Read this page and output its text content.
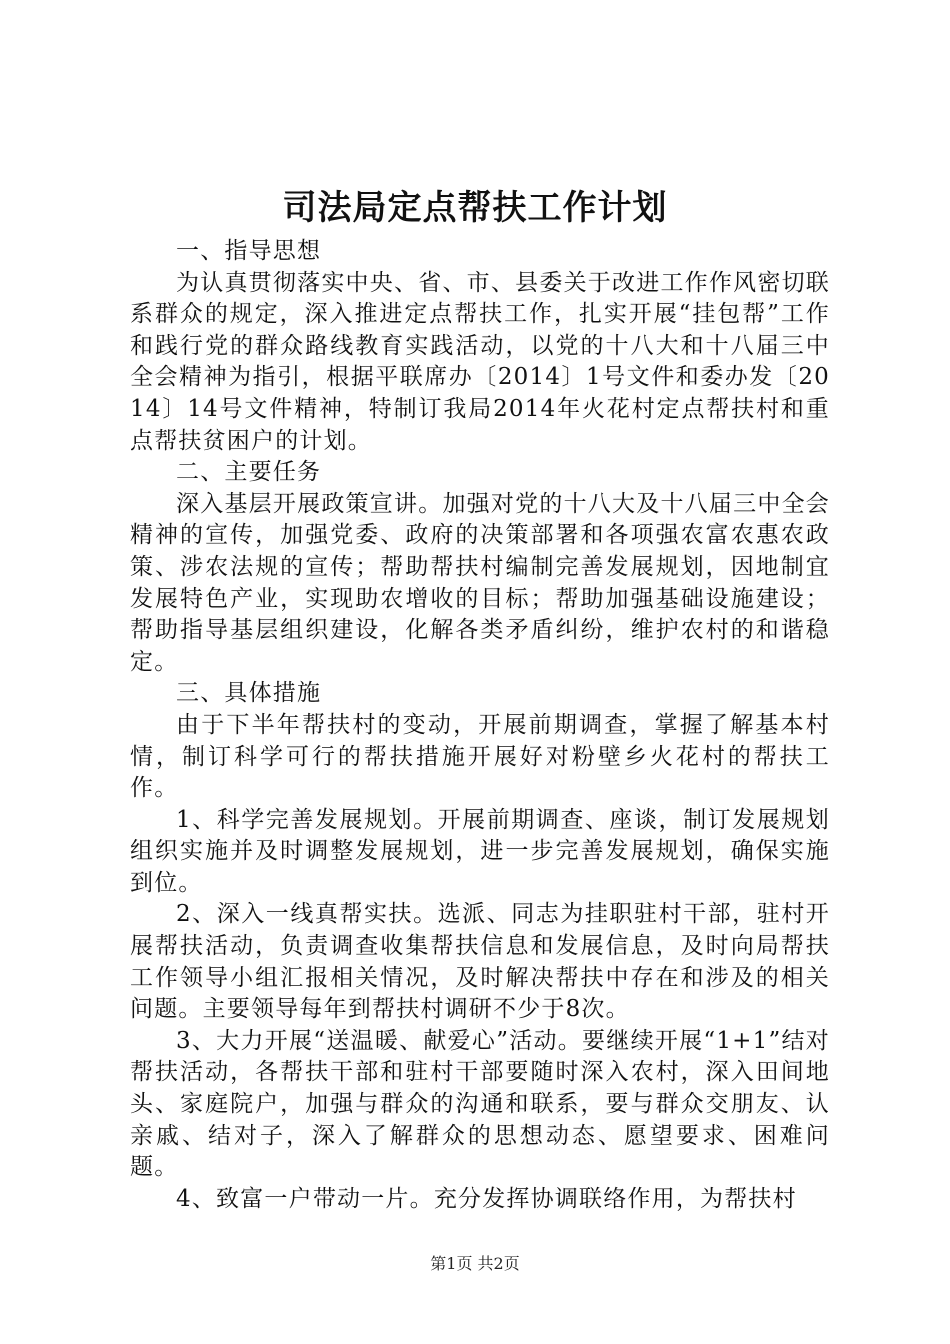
司法局定点帮扶工作计划

一、指导思想

为认真贯彻落实中央、省、市、县委关于改进工作作风密切联系群众的规定，深入推进定点帮扶工作，扎实开展“挂包帮”工作和践行党的群众路线教育实践活动，以党的十八大和十八届三中全会精神为指引，根据平联席办〔2014〕1号文件和委办发〔2014〕14号文件精神，特制订我局2014年火花村定点帮扶村和重点帮扶贫困户的计划。

二、主要任务

深入基层开展政策宣讲。加强对党的十八大及十八届三中全会精神的宣传，加强党委、政府的决策部署和各项强农富农惠农政策、涉农法规的宣传；帮助帮扶村编制完善发展规划，因地制宜发展特色产业，实现助农增收的目标；帮助加强基础设施建设；帮助指导基层组织建设，化解各类矛盾纠纷，维护农村的和谐稳定。

三、具体措施

由于下半年帮扶村的变动，开展前期调查，掌握了解基本村情，制订科学可行的帮扶措施开展好对粉壁乡火花村的帮扶工作。

1、科学完善发展规划。开展前期调查、座谈，制订发展规划组织实施并及时调整发展规划，进一步完善发展规划，确保实施到位。

2、深入一线真帮实扶。选派、同志为挂职驻村干部，驻村开展帮扶活动，负责调查收集帮扶信息和发展信息，及时向局帮扶工作领导小组汇报相关情况，及时解决帮扶中存在和涉及的相关问题。主要领导每年到帮扶村调研不少于8次。

3、大力开展“送温暖、献爱心”活动。要继续开展“1+1”结对帮扶活动，各帮扶干部和驻村干部要随时深入农村，深入田间地头、家庭院户，加强与群众的沟通和联系，要与群众交朋友、认亲戚、结对子，深入了解群众的思想动态、愿望要求、困难问题。

4、致富一户带动一片。充分发挥协调联络作用，为帮扶村

第1页 共2页
